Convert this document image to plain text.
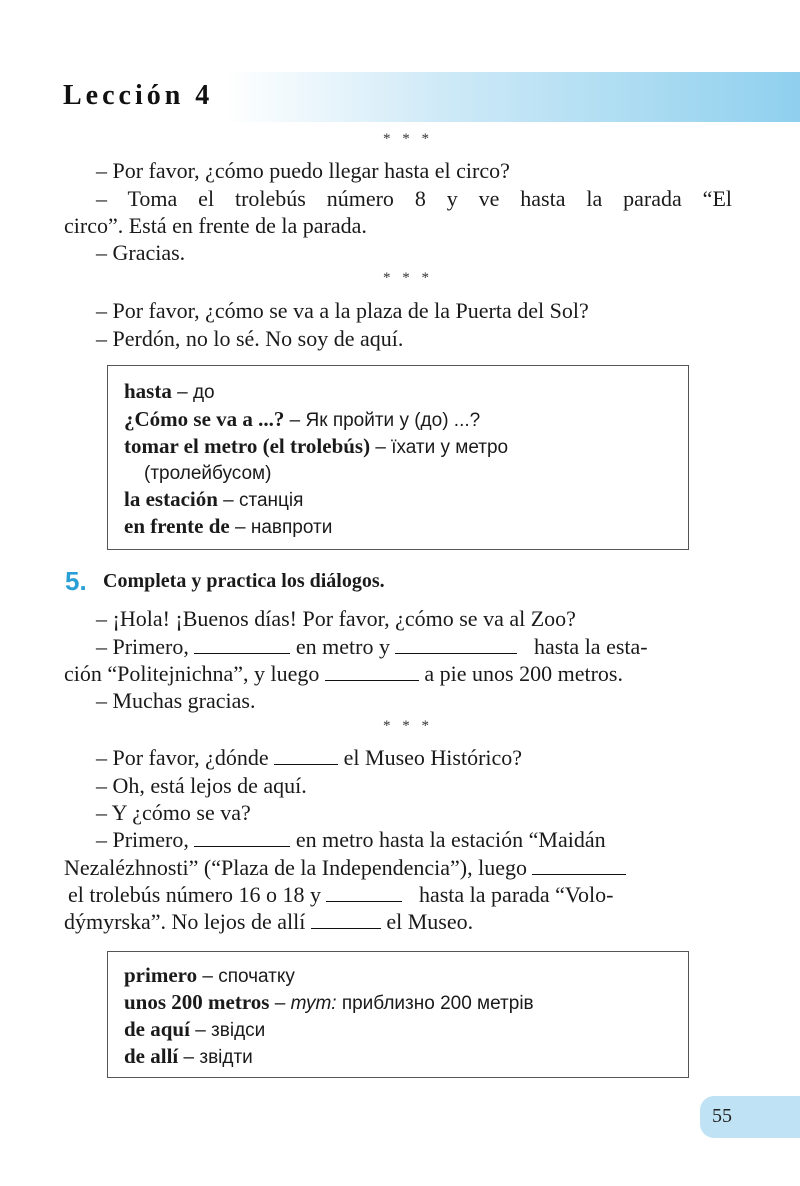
Lección 4
* * *
– Por favor, ¿cómo puedo llegar hasta el circo?
– Toma el trolebús número 8 y ve hasta la parada “El
circo”. Está en frente de la parada.
– Gracias.
* * *
– Por favor, ¿cómo se va a la plaza de la Puerta del Sol?
– Perdón, no lo sé. No soy de aquí.
hasta – до
¿Cómo se va a ...? – Як пройти у (до) ...?
tomar el metro (el trolebús) – їхати у метро
(тролейбусом)
la estación – станція
en frente de – навпроти
5. Completa y practica los diálogos.
– ¡Hola! ¡Buenos días! Por favor, ¿cómo se va al Zoo?
– Primero,	en metro y	hasta la esta-
ción “Politejnichna”, y luego	a pie unos 200 metros.
– Muchas gracias.
* * *
– Por favor, ¿dónde	el Museo Histórico?
– Oh, está lejos de aquí.
– Y ¿cómo se va?
– Primero,	en metro hasta la estación “Maidán
Nezalézhnosti” (“Plaza de la Independencia”), luego
el trolebús número 16 o 18 y	hasta la parada “Volo-
dýmyrska”. No lejos de allí	el Museo.
primero – спочатку
unos 200 metros – тут: приблизно 200 метрів
de aquí – звідси
de allí – звідти
55
